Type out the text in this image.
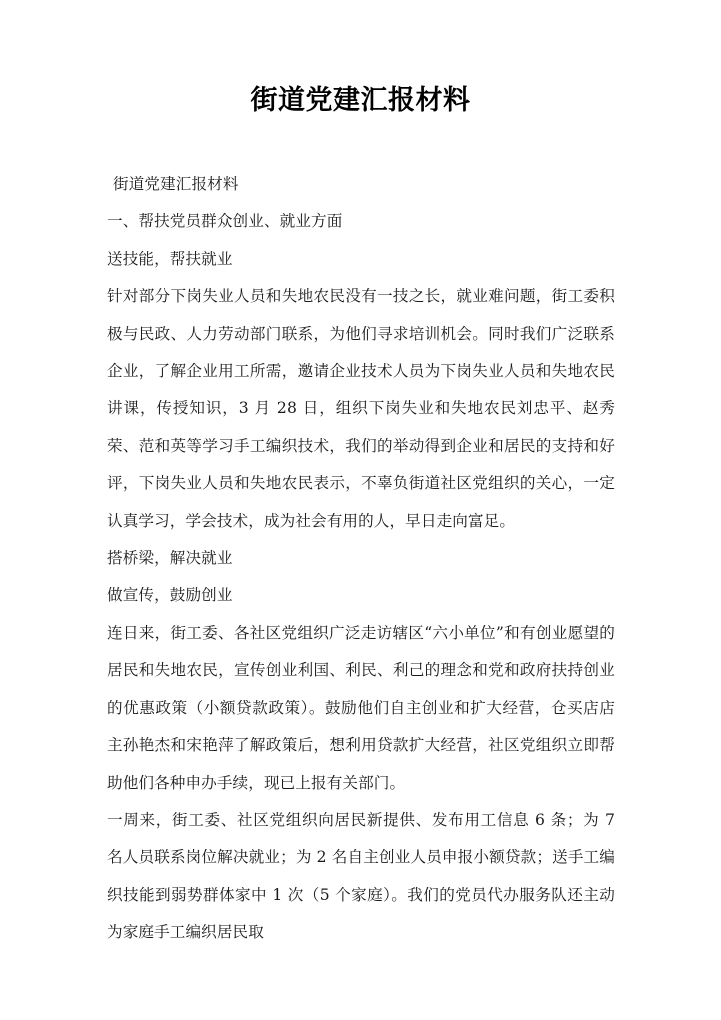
街道党建汇报材料

街道党建汇报材料

一、帮扶党员群众创业、就业方面

送技能，帮扶就业

针对部分下岗失业人员和失地农民没有一技之长，就业难问题，街工委积极与民政、人力劳动部门联系，为他们寻求培训机会。同时我们广泛联系企业，了解企业用工所需，邀请企业技术人员为下岗失业人员和失地农民讲课，传授知识，3 月 28 日，组织下岗失业和失地农民刘忠平、赵秀荣、范和英等学习手工编织技术，我们的举动得到企业和居民的支持和好评，下岗失业人员和失地农民表示，不辜负街道社区党组织的关心，一定认真学习，学会技术，成为社会有用的人，早日走向富足。

搭桥梁，解决就业

做宣传，鼓励创业

连日来，街工委、各社区党组织广泛走访辖区“六小单位”和有创业愿望的居民和失地农民，宣传创业利国、利民、利己的理念和党和政府扶持创业的优惠政策（小额贷款政策）。鼓励他们自主创业和扩大经营，仓买店店主孙艳杰和宋艳萍了解政策后，想利用贷款扩大经营，社区党组织立即帮助他们各种申办手续，现已上报有关部门。

一周来，街工委、社区党组织向居民新提供、发布用工信息 6 条；为 7 名人员联系岗位解决就业；为 2 名自主创业人员申报小额贷款；送手工编织技能到弱势群体家中 1 次（5 个家庭）。我们的党员代办服务队还主动为家庭手工编织居民取
